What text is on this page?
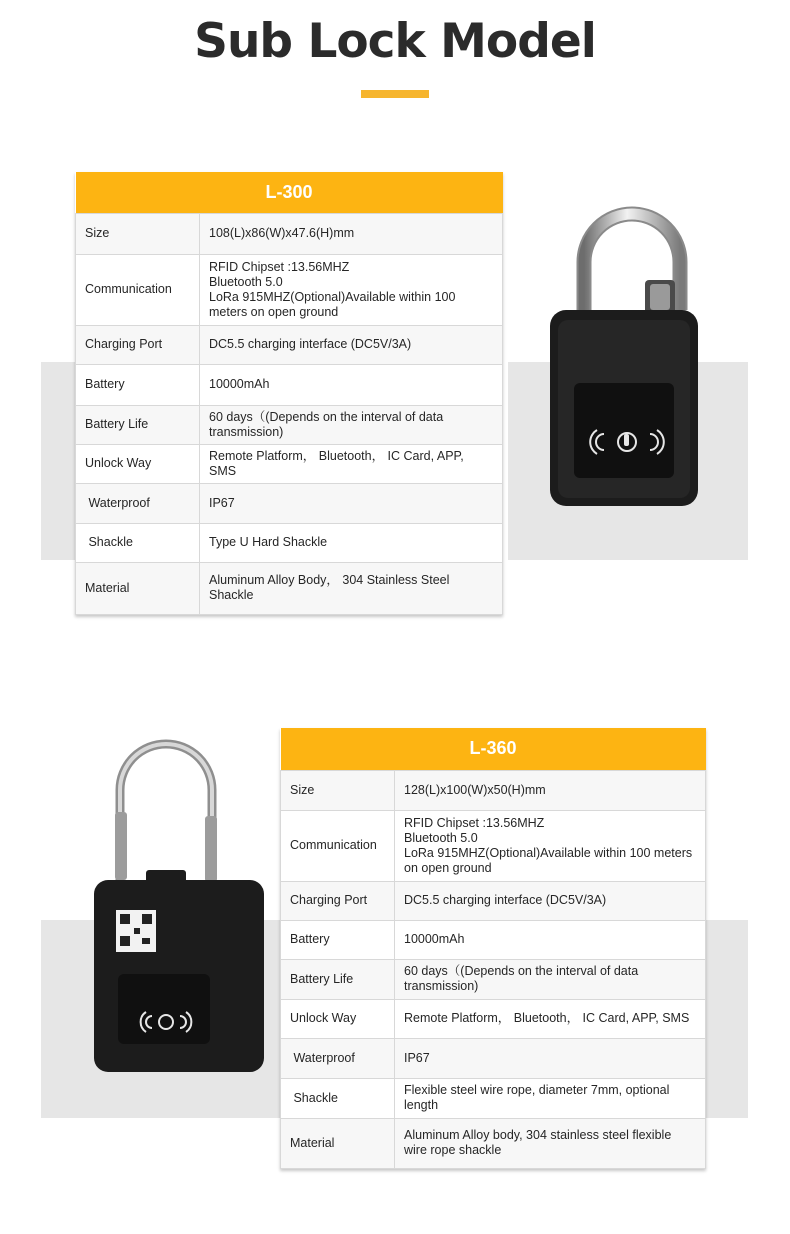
Sub Lock Model
L-300	
Size	108(L)x86(W)x47.6(H)mm
Communication	RFID Chipset :13.56MHZ
Bluetooth 5.0
LoRa 915MHZ(Optional)Available within 100 meters on open ground
Charging Port	DC5.5 charging interface (DC5V/3A)
Battery	10000mAh
Battery Life	60 days（(Depends on the interval of data transmission)
Unlock Way	Remote Platform， Bluetooth， IC Card, APP, SMS
Waterproof	IP67
Shackle	Type U Hard Shackle
Material	Aluminum Alloy Body， 304 Stainless Steel Shackle
L-360	
Size	128(L)x100(W)x50(H)mm
Communication	RFID Chipset :13.56MHZ
Bluetooth 5.0
LoRa 915MHZ(Optional)Available within 100 meters on open ground
Charging Port	DC5.5 charging interface (DC5V/3A)
Battery	10000mAh
Battery Life	60 days（(Depends on the interval of data transmission)
Unlock Way	Remote Platform， Bluetooth， IC Card, APP, SMS
Waterproof	IP67
Shackle	Flexible steel wire rope, diameter 7mm, optional length
Material	Aluminum Alloy body, 304 stainless steel flexible wire rope shackle
